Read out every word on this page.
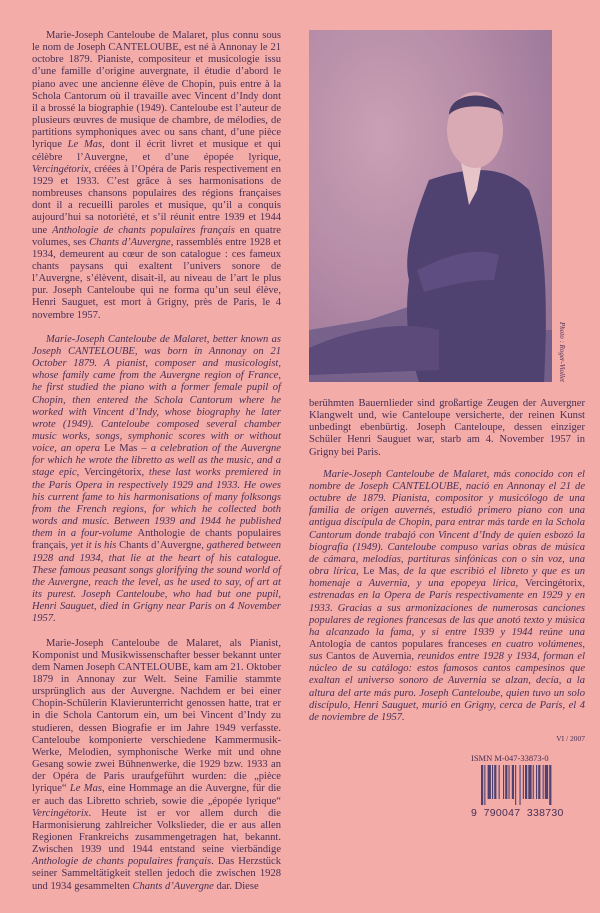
Marie-Joseph Canteloube de Malaret, plus connu sous le nom de Joseph CANTELOUBE, est né à Annonay le 21 octobre 1879. Pianiste, compositeur et musicologie issu d’une famille d’origine auvergnate, il étudie d’abord le piano avec une ancienne élève de Chopin, puis entre à la Schola Cantorum où il travaille avec Vincent d’Indy dont il a brossé la biographie (1949). Canteloube est l’auteur de plusieurs œuvres de musique de chambre, de mélodies, de partitions symphoniques avec ou sans chant, d’une pièce lyrique Le Mas, dont il écrit livret et musique et qui célèbre l’Auvergne, et d’une épopée lyrique, Vercingétorix, créées à l’Opéra de Paris respectivement en 1929 et 1933. C’est grâce à ses harmonisations de nombreuses chansons populaires des régions françaises dont il a recueilli paroles et musique, qu’il a conquis aujourd’hui sa notoriété, et s’il réunit entre 1939 et 1944 une Anthologie de chants populaires français en quatre volumes, ses Chants d’Auvergne, rassemblés entre 1928 et 1934, demeurent au cœur de son catalogue : ces fameux chants paysans qui exaltent l’univers sonore de l’Auvergne, s’élèvent, disait-il, au niveau de l’art le plus pur. Joseph Canteloube qui ne forma qu’un seul élève, Henri Sauguet, est mort à Grigny, près de Paris, le 4 novembre 1957.
Marie-Joseph Canteloube de Malaret, better known as Joseph CANTELOUBE, was born in Annonay on 21 October 1879. A pianist, composer and musicologist, whose family came from the Auvergne region of France, he first studied the piano with a former female pupil of Chopin, then entered the Schola Cantorum where he worked with Vincent d’Indy, whose biography he later wrote (1949). Canteloube composed several chamber music works, songs, symphonic scores with or without voice, an opera Le Mas – a celebration of the Auvergne for which he wrote the libretto as well as the music, and a stage epic, Vercingétorix, these last works premiered in the Paris Opera in respectively 1929 and 1933. He owes his current fame to his harmonisations of many folksongs from the French regions, for which he collected both words and music. Between 1939 and 1944 he published them in a four-volume Anthologie de chants populaires français, yet it is his Chants d’Auvergne, gathered between 1928 and 1934, that lie at the heart of his catalogue. These famous peasant songs glorifying the sound world of the Auvergne, reach the level, as he used to say, of art at its purest. Joseph Canteloube, who had but one pupil, Henri Sauguet, died in Grigny near Paris on 4 November 1957.
Marie-Joseph Canteloube de Malaret, als Pianist, Komponist und Musikwissenschafter besser bekannt unter dem Namen Joseph CANTELOUBE, kam am 21. Oktober 1879 in Annonay zur Welt. Seine Familie stammte ursprünglich aus der Auvergne. Nachdem er bei einer Chopin-Schülerin Klavierunterricht genossen hatte, trat er in die Schola Cantorum ein, um bei Vincent d’Indy zu studieren, dessen Biografie er im Jahre 1949 verfasste. Canteloube komponierte verschiedene Kammermusik-Werke, Melodien, symphonische Werke mit und ohne Gesang sowie zwei Bühnenwerke, die 1929 bzw. 1933 an der Opéra de Paris uraufgeführt wurden: die „pièce lyrique“ Le Mas, eine Hommage an die Auvergne, für die er auch das Libretto schrieb, sowie die „épopée lyrique“ Vercingétorix. Heute ist er vor allem durch die Harmonisierung zahlreicher Volkslieder, die er aus allen Regionen Frankreichs zusammengetragen hat, bekannt. Zwischen 1939 und 1944 entstand seine vierbändige Anthologie de chants populaires français. Das Herzstück seiner Sammeltätigkeit stellen jedoch die zwischen 1928 und 1934 gesammelten Chants d’Auvergne dar. Diese
Photo : Roger-Viollet
berühmten Bauernlieder sind großartige Zeugen der Auvergner Klangwelt und, wie Canteloupe versicherte, der reinen Kunst unbedingt ebenbürtig. Joseph Canteloupe, dessen einziger Schüler Henri Sauguet war, starb am 4. November 1957 in Grigny bei Paris.
Marie-Joseph Canteloube de Malaret, más conocido con el nombre de Joseph CANTELOUBE, nació en Annonay el 21 de octubre de 1879. Pianista, compositor y musicólogo de una familia de origen auvernés, estudió primero piano con una antigua discípula de Chopin, para entrar más tarde en la Schola Cantorum donde trabajó con Vincent d’Indy de quien esbozó la biografía (1949). Canteloube compuso varias obras de música de cámara, melodías, partituras sinfónicas con o sin voz, una obra lírica, Le Mas, de la que escribió el libreto y que es un homenaje a Auvernia, y una epopeya lírica, Vercingétorix, estrenadas en la Opera de París respectivamente en 1929 y en 1933. Gracias a sus armonizaciones de numerosas canciones populares de regiones francesas de las que anotó texto y música ha alcanzado la fama, y si entre 1939 y 1944 reúne una Antología de cantos populares franceses en cuatro volúmenes, sus Cantos de Auvernia, reunidos entre 1928 y 1934, forman el núcleo de su catálogo: estos famosos cantos campesinos que exaltan el universo sonoro de Auvernia se alzan, decía, a la altura del arte más puro. Joseph Canteloube, quien tuvo un solo discípulo, Henri Sauguet, murió en Grigny, cerca de París, el 4 de noviembre de 1957.
VI / 2007
ISMN M-047-33873-0
9  790047  338730
